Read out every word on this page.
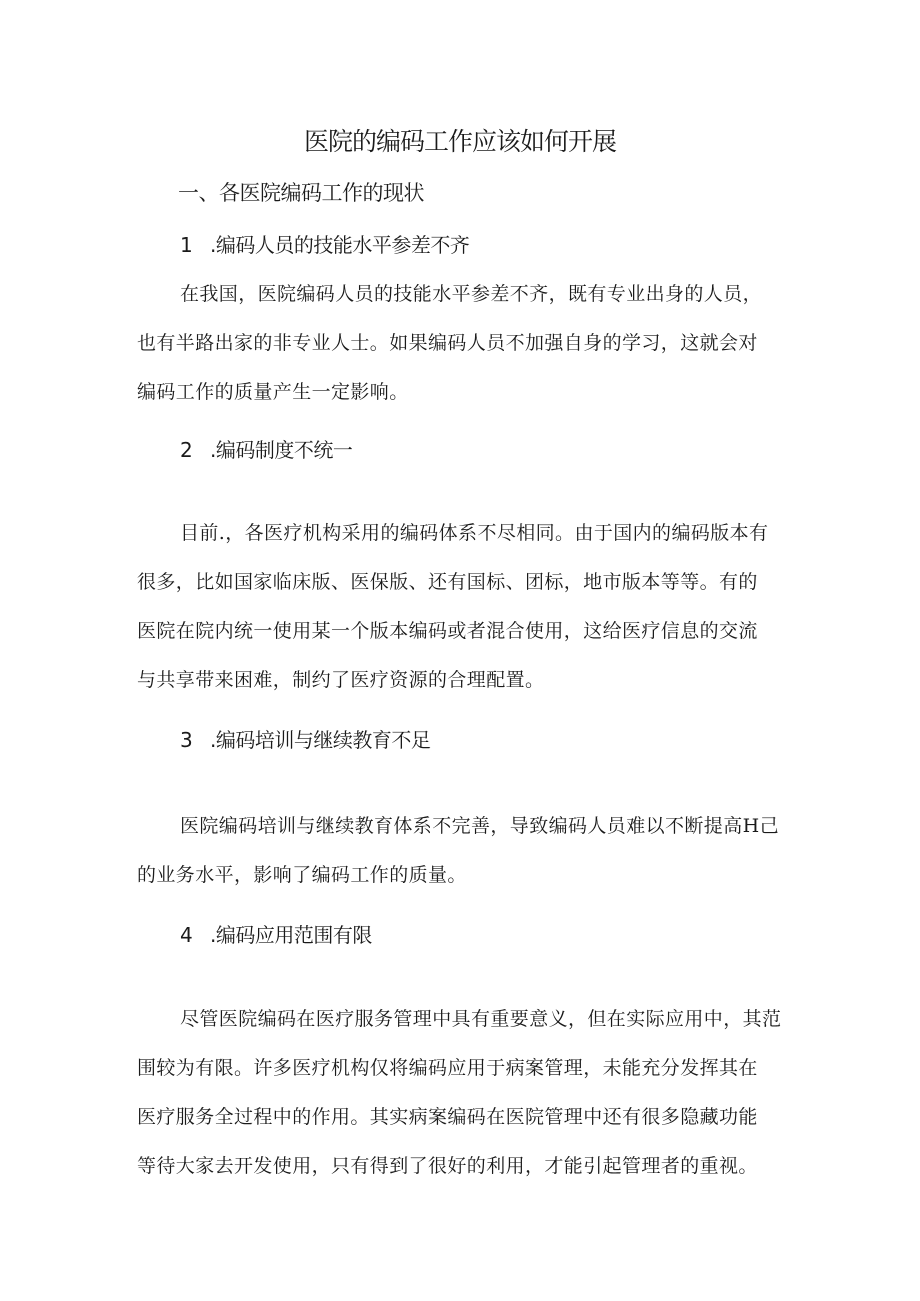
医院的编码工作应该如何开展
一、各医院编码工作的现状
1 .编码人员的技能水平参差不齐

在我国，医院编码人员的技能水平参差不齐，既有专业出身的人员，
也有半路出家的非专业人士。如果编码人员不加强自身的学习，这就会对
编码工作的质量产生一定影响。

2 .编码制度不统一

目前.，各医疗机构采用的编码体系不尽相同。由于国内的编码版本有
很多，比如国家临床版、医保版、还有国标、团标，地市版本等等。有的
医院在院内统一使用某一个版本编码或者混合使用，这给医疗信息的交流
与共享带来困难，制约了医疗资源的合理配置。

3 .编码培训与继续教育不足

医院编码培训与继续教育体系不完善，导致编码人员难以不断提高H己
的业务水平，影响了编码工作的质量。

4 .编码应用范围有限

尽管医院编码在医疗服务管理中具有重要意义，但在实际应用中，其范
围较为有限。许多医疗机构仅将编码应用于病案管理，未能充分发挥其在
医疗服务全过程中的作用。其实病案编码在医院管理中还有很多隐藏功能
等待大家去开发使用，只有得到了很好的利用，才能引起管理者的重视。
